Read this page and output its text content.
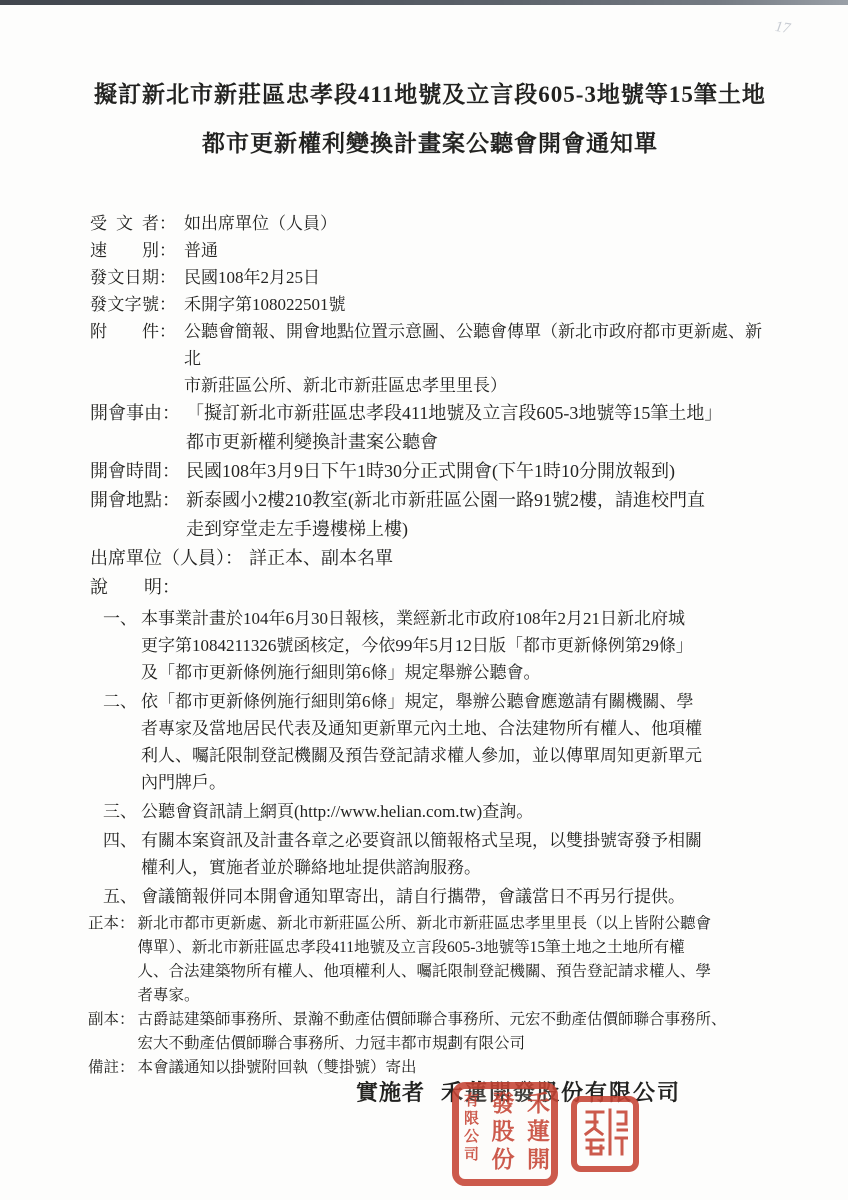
17
擬訂新北市新莊區忠孝段411地號及立言段605-3地號等15筆土地
都市更新權利變換計畫案公聽會開會通知單
受文者： 如出席單位（人員）
速別： 普通
發文日期： 民國108年2月25日
發文字號： 禾開字第108022501號
附件： 公聽會簡報、開會地點位置示意圖、公聽會傳單（新北市政府都市更新處、新北
市新莊區公所、新北市新莊區忠孝里里長）
開會事由： 「擬訂新北市新莊區忠孝段411地號及立言段605-3地號等15筆土地」
都市更新權利變換計畫案公聽會
開會時間： 民國108年3月9日下午1時30分正式開會(下午1時10分開放報到)
開會地點： 新泰國小2樓210教室(新北市新莊區公園一路91號2樓，請進校門直
走到穿堂走左手邊樓梯上樓)
出席單位（人員）： 詳正本、副本名單
說明：
一、 本事業計畫於104年6月30日報核，業經新北市政府108年2月21日新北府城
更字第1084211326號函核定，今依99年5月12日版「都市更新條例第29條」
及「都市更新條例施行細則第6條」規定舉辦公聽會。
二、 依「都市更新條例施行細則第6條」規定，舉辦公聽會應邀請有關機關、學
者專家及當地居民代表及通知更新單元內土地、合法建物所有權人、他項權
利人、囑託限制登記機關及預告登記請求權人參加，並以傳單周知更新單元
內門牌戶。
三、 公聽會資訊請上網頁(http://www.helian.com.tw)查詢。
四、 有關本案資訊及計畫各章之必要資訊以簡報格式呈現，以雙掛號寄發予相關
權利人，實施者並於聯絡地址提供諮詢服務。
五、 會議簡報併同本開會通知單寄出，請自行攜帶，會議當日不再另行提供。
正本： 新北市都市更新處、新北市新莊區公所、新北市新莊區忠孝里里長（以上皆附公聽會
傳單）、新北市新莊區忠孝段411地號及立言段605-3地號等15筆土地之土地所有權
人、合法建築物所有權人、他項權利人、囑託限制登記機關、預告登記請求權人、學
者專家。
副本： 古爵誌建築師事務所、景瀚不動產估價師聯合事務所、元宏不動產估價師聯合事務所、
宏大不動產估價師聯合事務所、力冠丰都市規劃有限公司
備註： 本會議通知以掛號附回執（雙掛號）寄出
實施者 禾蓮開發股份有限公司
禾蓮開
發股份
有限公司
